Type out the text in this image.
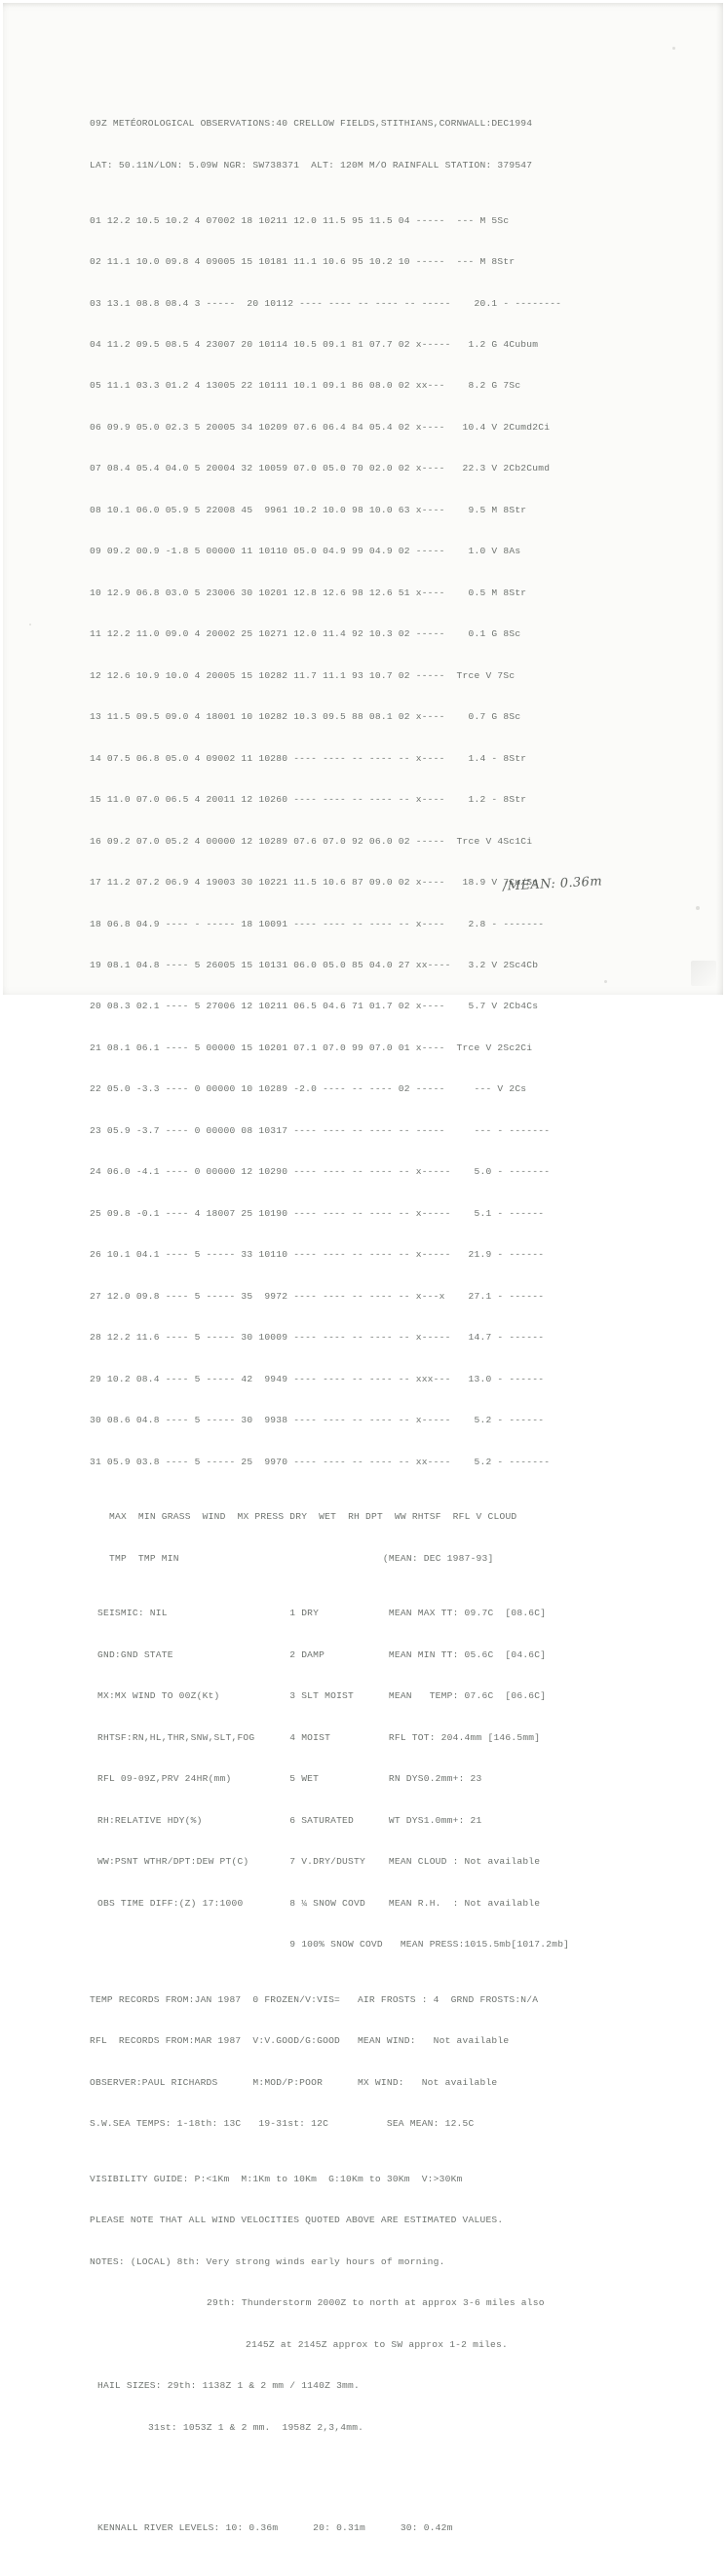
09Z METÉOROLOGICAL OBSERVATIONS:40 CRELLOW FIELDS,STITHIANS,CORNWALL:DEC1994

LAT: 50.11N/LON: 5.09W NGR: SW738371  ALT: 120M M/O RAINFALL STATION: 379547

01 12.2 10.5 10.2 4 07002 18 10211 12.0 11.5 95 11.5 04 -----  --- M 5Sc

02 11.1 10.0 09.8 4 09005 15 10181 11.1 10.6 95 10.2 10 -----  --- M 8Str

03 13.1 08.8 08.4 3 -----  20 10112 ---- ---- -- ---- -- -----    20.1 - --------

04 11.2 09.5 08.5 4 23007 20 10114 10.5 09.1 81 07.7 02 x-----   1.2 G 4Cubum

05 11.1 03.3 01.2 4 13005 22 10111 10.1 09.1 86 08.0 02 xx---    8.2 G 7Sc

06 09.9 05.0 02.3 5 20005 34 10209 07.6 06.4 84 05.4 02 x----   10.4 V 2Cumd2Ci

07 08.4 05.4 04.0 5 20004 32 10059 07.0 05.0 70 02.0 02 x----   22.3 V 2Cb2Cumd

08 10.1 06.0 05.9 5 22008 45  9961 10.2 10.0 98 10.0 63 x----    9.5 M 8Str

09 09.2 00.9 -1.8 5 00000 11 10110 05.0 04.9 99 04.9 02 -----    1.0 V 8As

10 12.9 06.8 03.0 5 23006 30 10201 12.8 12.6 98 12.6 51 x----    0.5 M 8Str

11 12.2 11.0 09.0 4 20002 25 10271 12.0 11.4 92 10.3 02 -----    0.1 G 8Sc

12 12.6 10.9 10.0 4 20005 15 10282 11.7 11.1 93 10.7 02 -----  Trce V 7Sc

13 11.5 09.5 09.0 4 18001 10 10282 10.3 09.5 88 08.1 02 x----    0.7 G 8Sc

14 07.5 06.8 05.0 4 09002 11 10280 ---- ---- -- ---- -- x----    1.4 - 8Str

15 11.0 07.0 06.5 4 20011 12 10260 ---- ---- -- ---- -- x----    1.2 - 8Str

16 09.2 07.0 05.2 4 00000 12 10289 07.6 07.0 92 06.0 02 -----  Trce V 4Sc1Ci

17 11.2 07.2 06.9 4 19003 30 10221 11.5 10.6 87 09.0 02 x----   18.9 V 7Cu/Sc

18 06.8 04.9 ---- - ----- 18 10091 ---- ---- -- ---- -- x----    2.8 - -------

19 08.1 04.8 ---- 5 26005 15 10131 06.0 05.0 85 04.0 27 xx----   3.2 V 2Sc4Cb

20 08.3 02.1 ---- 5 27006 12 10211 06.5 04.6 71 01.7 02 x----    5.7 V 2Cb4Cs

21 08.1 06.1 ---- 5 00000 15 10201 07.1 07.0 99 07.0 01 x----  Trce V 2Sc2Ci

22 05.0 -3.3 ---- 0 00000 10 10289 -2.0 ---- -- ---- 02 -----     --- V 2Cs

23 05.9 -3.7 ---- 0 00000 08 10317 ---- ---- -- ---- -- -----     --- - -------

24 06.0 -4.1 ---- 0 00000 12 10290 ---- ---- -- ---- -- x-----    5.0 - -------

25 09.8 -0.1 ---- 4 18007 25 10190 ---- ---- -- ---- -- x-----    5.1 - ------

26 10.1 04.1 ---- 5 ----- 33 10110 ---- ---- -- ---- -- x-----   21.9 - ------

27 12.0 09.8 ---- 5 ----- 35  9972 ---- ---- -- ---- -- x---x    27.1 - ------

28 12.2 11.6 ---- 5 ----- 30 10009 ---- ---- -- ---- -- x-----   14.7 - ------

29 10.2 08.4 ---- 5 ----- 42  9949 ---- ---- -- ---- -- xxx---   13.0 - ------

30 08.6 04.8 ---- 5 ----- 30  9938 ---- ---- -- ---- -- x-----    5.2 - ------

31 05.9 03.8 ---- 5 ----- 25  9970 ---- ---- -- ---- -- xx----    5.2 - -------

MAX  MIN GRASS  WIND  MX PRESS DRY  WET  RH DPT  WW RHTSF  RFL V CLOUD

TMP  TMP MIN                                   (MEAN: DEC 1987-93]

SEISMIC: NIL                     1 DRY            MEAN MAX TT: 09.7C  [08.6C]

GND:GND STATE                    2 DAMP           MEAN MIN TT: 05.6C  [04.6C]

MX:MX WIND TO 00Z(Kt)            3 SLT MOIST      MEAN   TEMP: 07.6C  [06.6C]

RHTSF:RN,HL,THR,SNW,SLT,FOG      4 MOIST          RFL TOT: 204.4mm [146.5mm]

RFL 09-09Z,PRV 24HR(mm)          5 WET            RN DYS0.2mm+: 23

RH:RELATIVE HDY(%)               6 SATURATED      WT DYS1.0mm+: 21

WW:PSNT WTHR/DPT:DEW PT(C)       7 V.DRY/DUSTY    MEAN CLOUD : Not available

OBS TIME DIFF:(Z) 17:1000        8 ¼ SNOW COVD    MEAN R.H.  : Not available

9 100% SNOW COVD   MEAN PRESS:1015.5mb[1017.2mb]

TEMP RECORDS FROM:JAN 1987  0 FROZEN/V:VIS=   AIR FROSTS : 4  GRND FROSTS:N/A

RFL  RECORDS FROM:MAR 1987  V:V.GOOD/G:GOOD   MEAN WIND:   Not available

OBSERVER:PAUL RICHARDS      M:MOD/P:POOR      MX WIND:   Not available

S.W.SEA TEMPS: 1-18th: 13C   19-31st: 12C          SEA MEAN: 12.5C

VISIBILITY GUIDE: P:<1Km  M:1Km to 10Km  G:10Km to 30Km  V:>30Km

PLEASE NOTE THAT ALL WIND VELOCITIES QUOTED ABOVE ARE ESTIMATED VALUES.

NOTES: (LOCAL) 8th: Very strong winds early hours of morning.

29th: Thunderstorm 2000Z to north at approx 3-6 miles also

2145Z at 2145Z approx to SW approx 1-2 miles.

HAIL SIZES: 29th: 1138Z 1 & 2 mm / 1140Z 3mm.

31st: 1053Z 1 & 2 mm.  1958Z 2,3,4mm.

KENNALL RIVER LEVELS: 10: 0.36m      20: 0.31m      30: 0.42m

/MEAN: 0.36m
